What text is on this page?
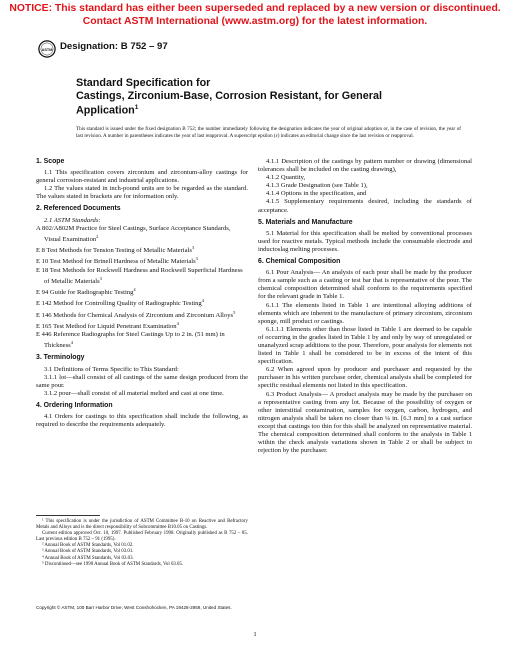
NOTICE: This standard has either been superseded and replaced by a new version or discontinued.
Contact ASTM International (www.astm.org) for the latest information.
ASTM Designation: B 752 – 97
Standard Specification for
Castings, Zirconium-Base, Corrosion Resistant, for General
Application$^1$
This standard is issued under the fixed designation B 752; the number immediately following the designation indicates the year of original adoption or, in the case of revision, the year of last revision. A number in parentheses indicates the year of last reapproval. A superscript epsilon (ε) indicates an editorial change since the last revision or reapproval.
1. Scope

1.1 This specification covers zirconium and zirconium-alloy castings for general corrosion-resistant and industrial applications.

1.2 The values stated in inch-pound units are to be regarded as the standard. The values stated in brackets are for information only.

2. Referenced Documents

2.1 ASTM Standards:

A 802/A802M Practice for Steel Castings, Surface Acceptance Standards, Visual Examination$^2$

E 8 Test Methods for Tension Testing of Metallic Materials$^3$

E 10 Test Method for Brinell Hardness of Metallic Materials$^3$

E 18 Test Methods for Rockwell Hardness and Rockwell Superficial Hardness of Metallic Materials$^3$

E 94 Guide for Radiographic Testing$^4$

E 142 Method for Controlling Quality of Radiographic Testing$^4$

E 146 Methods for Chemical Analysis of Zirconium and Zirconium Alloys$^5$

E 165 Test Method for Liquid Penetrant Examination$^4$

E 446 Reference Radiographs for Steel Castings Up to 2 in. (51 mm) in Thickness$^4$

3. Terminology

3.1 Definitions of Terms Specific to This Standard:

3.1.1 lot—shall consist of all castings of the same design produced from the same pour.

3.1.2 pour—shall consist of all material melted and cast at one time.

4. Ordering Information

4.1 Orders for castings to this specification shall include the following, as required to describe the requirements adequately.

4.1.1 Description of the castings by pattern number or drawing (dimensional tolerances shall be included on the casting drawing),

4.1.2 Quantity,

4.1.3 Grade Designation (see Table 1),

4.1.4 Options in the specification, and

4.1.5 Supplementary requirements desired, including the standards of acceptance.

5. Materials and Manufacture

5.1 Material for this specification shall be melted by conventional processes used for reactive metals. Typical methods include the consumable electrode and inductoslag melting processes.

6. Chemical Composition

6.1 Pour Analysis— An analysis of each pour shall be made by the producer from a sample such as a casting or test bar that is representative of the pour. The chemical composition determined shall conform to the requirements specified for the relevant grade in Table 1.

6.1.1 The elements listed in Table 1 are intentional alloying additions of elements which are inherent to the manufacture of primary zirconium, zirconium sponge, mill product or castings.

6.1.1.1 Elements other than those listed in Table 1 are deemed to be capable of occurring in the grades listed in Table 1 by and only by way of unregulated or unanalyzed scrap additions to the pour. Therefore, pour analysis for elements not listed in Table 1 shall be considered to be in excess of the intent of this specification.

6.2 When agreed upon by producer and purchaser and requested by the purchaser in his written purchase order, chemical analysis shall be completed for specific residual elements not listed in this specification.

6.3 Product Analysis— A product analysis may be made by the purchaser on a representative casting from any lot. Because of the possibility of oxygen or other interstitial contamination, samples for oxygen, carbon, hydrogen, and nitrogen analysis shall be taken no closer than ¼ in. [6.3 mm] to a cast surface except that castings too thin for this shall be analyzed on representative material. The chemical composition determined shall conform to the analysis in Table 1 within the check analysis variations shown in Table 2 or shall be subject to rejection by the purchaser.

¹ This specification is under the jurisdiction of ASTM Committee B-10 on Reactive and Refractory Metals and Alloys and is the direct responsibility of Subcommittee B10.05 on Castings.

Current edition approved Oct. 10, 1997. Published February 1998. Originally published as B 752 – 85. Last previous edition B 752 – 91 (1995).

² Annual Book of ASTM Standards, Vol 01.02.

³ Annual Book of ASTM Standards, Vol 03.01.

⁴ Annual Book of ASTM Standards, Vol 03.03.

⁵ Discontinued—see 1990 Annual Book of ASTM Standards, Vol 03.05.

Copyright © ASTM, 100 Barr Harbor Drive, West Conshohocken, PA 19428-2959, United States.
1
